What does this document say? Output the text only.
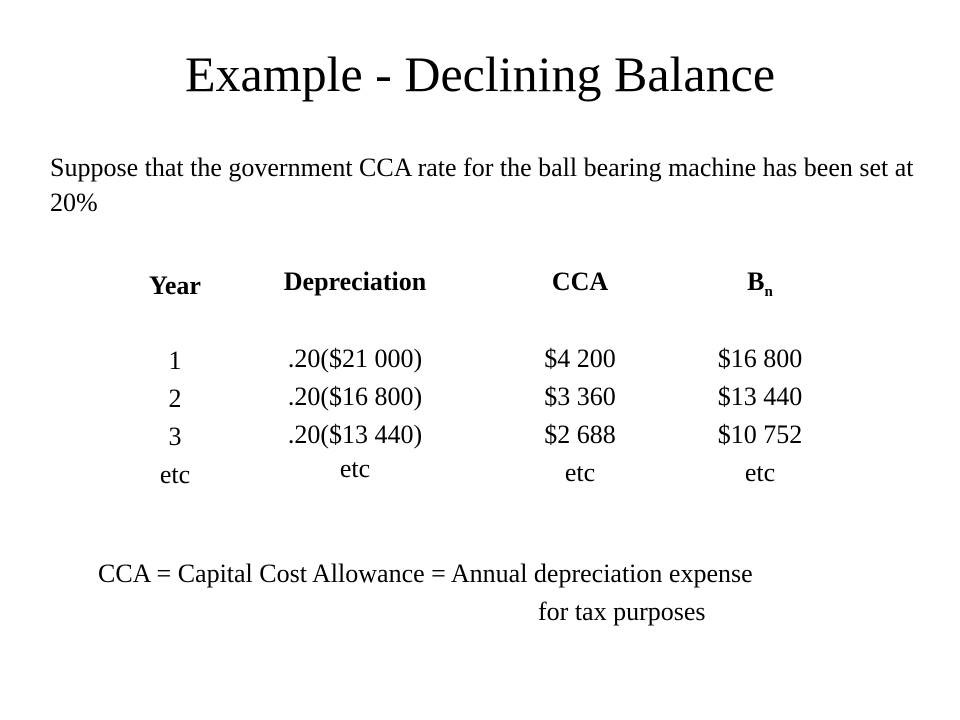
Example - Declining Balance
Suppose that the government CCA rate for the ball bearing machine has been set at 20%
Year
1
2
3
etc
Depreciation
.20($21 000)
.20($16 800)
.20($13 440)
etc
CCA
$4 200
$3 360
$2 688
etc
$B_n$
$16 800
$13 440
$10 752
etc
CCA = Capital Cost Allowance = Annual depreciation expense
for tax purposes
